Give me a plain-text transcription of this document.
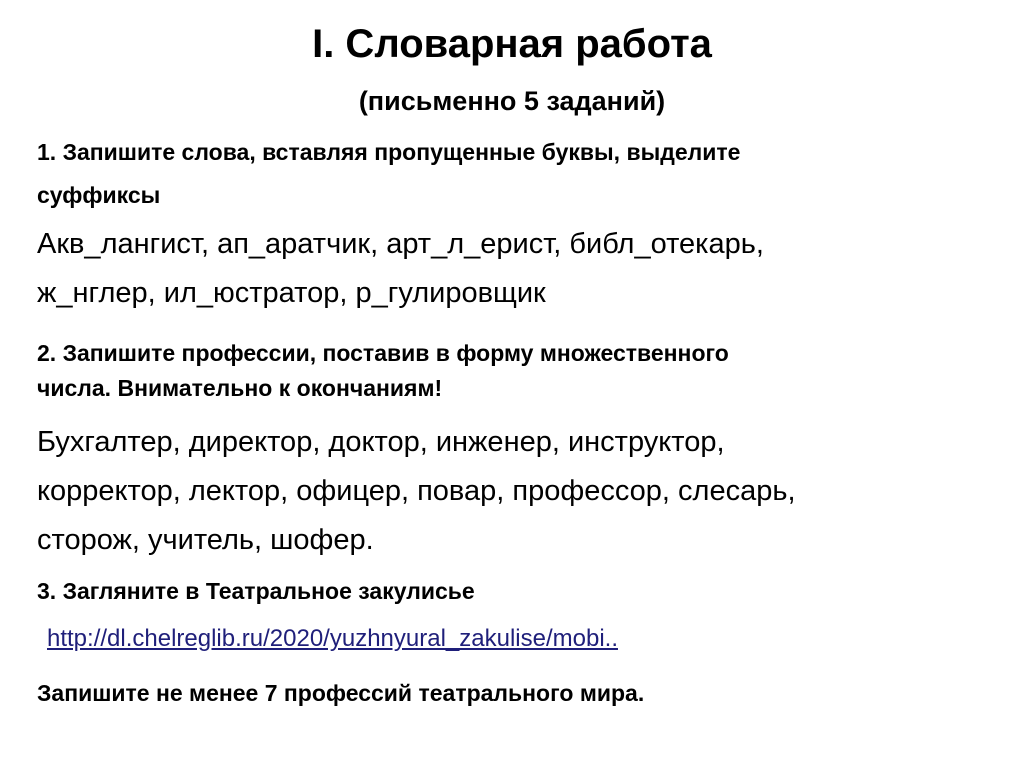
I. Словарная работа
(письменно 5 заданий)
1. Запишите слова, вставляя пропущенные буквы, выделите
суффиксы
Акв_лангист, ап_аратчик, арт_л_ерист, библ_отекарь,
ж_нглер, ил_юстратор, р_гулировщик
2. Запишите профессии, поставив в форму множественного
числа. Внимательно к окончаниям!
Бухгалтер, директор, доктор, инженер, инструктор,
корректор, лектор, офицер, повар, профессор, слесарь,
сторож, учитель, шофер.
3. Загляните в Театральное закулисье
http://dl.chelreglib.ru/2020/yuzhnyural_zakulise/mobi..
Запишите не менее 7 профессий театрального мира.
